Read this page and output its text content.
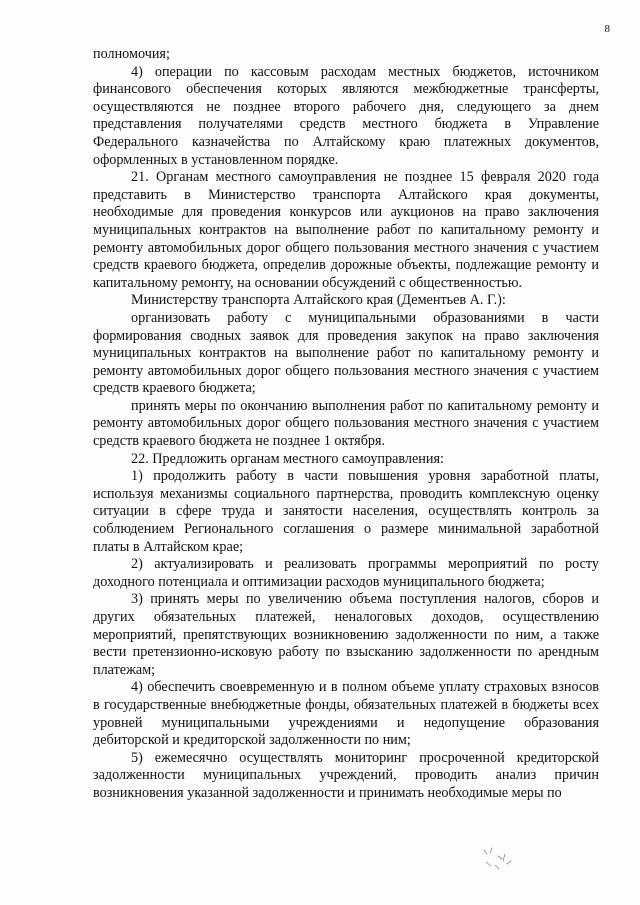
8

полномочия;

4) операции по кассовым расходам местных бюджетов, источником финансового обеспечения которых являются межбюджетные трансферты, осуществляются не позднее второго рабочего дня, следующего за днем представления получателями средств местного бюджета в Управление Федерального казначейства по Алтайскому краю платежных документов, оформленных в установленном порядке.

21. Органам местного самоуправления не позднее 15 февраля 2020 года представить в Министерство транспорта Алтайского края документы, необходимые для проведения конкурсов или аукционов на право заключения муниципальных контрактов на выполнение работ по капитальному ремонту и ремонту автомобильных дорог общего пользования местного значения с участием средств краевого бюджета, определив дорожные объекты, подлежащие ремонту и капитальному ремонту, на основании обсуждений с общественностью.

Министерству транспорта Алтайского края (Дементьев А. Г.):

организовать работу с муниципальными образованиями в части формирования сводных заявок для проведения закупок на право заключения муниципальных контрактов на выполнение работ по капитальному ремонту и ремонту автомобильных дорог общего пользования местного значения с участием средств краевого бюджета;

принять меры по окончанию выполнения работ по капитальному ремонту и ремонту автомобильных дорог общего пользования местного значения с участием средств краевого бюджета не позднее 1 октября.

22. Предложить органам местного самоуправления:

1) продолжить работу в части повышения уровня заработной платы, используя механизмы социального партнерства, проводить комплексную оценку ситуации в сфере труда и занятости населения, осуществлять контроль за соблюдением Регионального соглашения о размере минимальной заработной платы в Алтайском крае;

2) актуализировать и реализовать программы мероприятий по росту доходного потенциала и оптимизации расходов муниципального бюджета;

3) принять меры по увеличению объема поступления налогов, сборов и других обязательных платежей, неналоговых доходов, осуществлению мероприятий, препятствующих возникновению задолженности по ним, а также вести претензионно-исковую работу по взысканию задолженности по арендным платежам;

4) обеспечить своевременную и в полном объеме уплату страховых взносов в государственные внебюджетные фонды, обязательных платежей в бюджеты всех уровней муниципальными учреждениями и недопущение образования дебиторской и кредиторской задолженности по ним;

5) ежемесячно осуществлять мониторинг просроченной кредиторской задолженности муниципальных учреждений, проводить анализ причин возникновения указанной задолженности и принимать необходимые меры по
